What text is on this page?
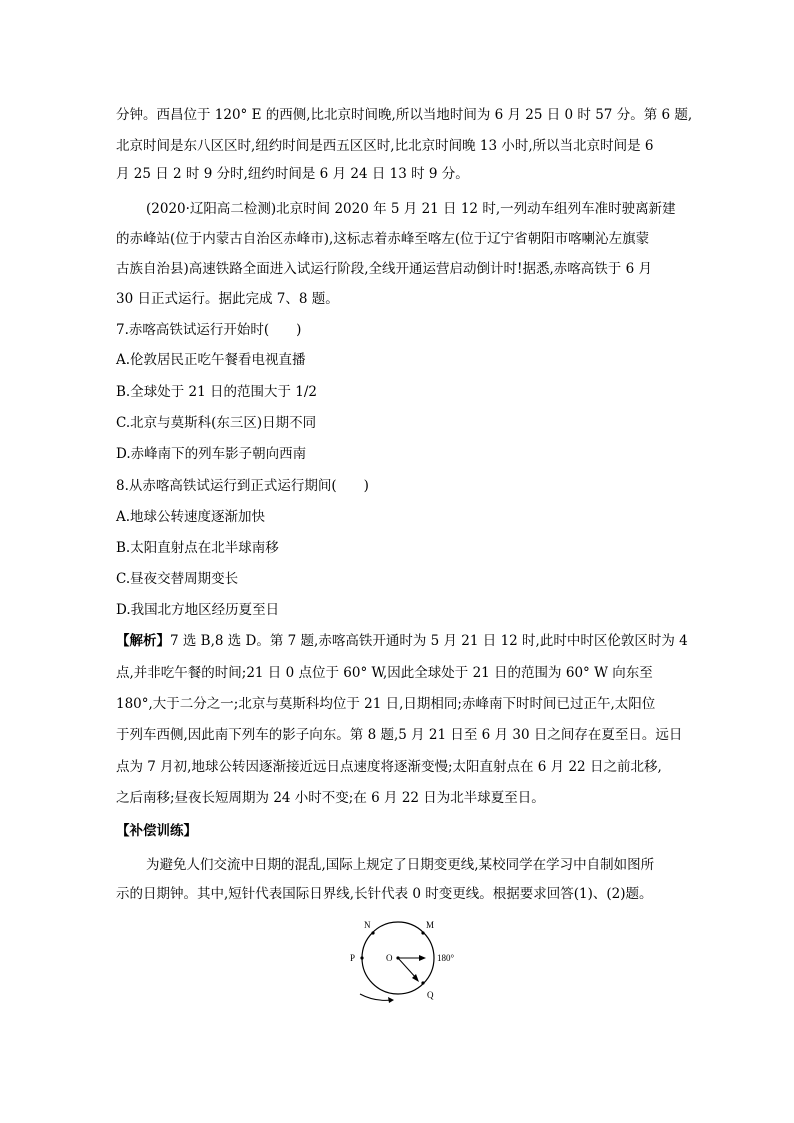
分钟。西昌位于 120° E 的西侧,比北京时间晚,所以当地时间为 6 月 25 日 0 时 57 分。第 6 题,
北京时间是东八区区时,纽约时间是西五区区时,比北京时间晚 13 小时,所以当北京时间是 6
月 25 日 2 时 9 分时,纽约时间是 6 月 24 日 13 时 9 分。
(2020·辽阳高二检测)北京时间 2020 年 5 月 21 日 12 时,一列动车组列车准时驶离新建
的赤峰站(位于内蒙古自治区赤峰市),这标志着赤峰至喀左(位于辽宁省朝阳市喀喇沁左旗蒙
古族自治县)高速铁路全面进入试运行阶段,全线开通运营启动倒计时!据悉,赤喀高铁于 6 月
30 日正式运行。据此完成 7、8 题。
7.赤喀高铁试运行开始时(　　)
A.伦敦居民正吃午餐看电视直播
B.全球处于 21 日的范围大于 1/2
C.北京与莫斯科(东三区)日期不同
D.赤峰南下的列车影子朝向西南
8.从赤喀高铁试运行到正式运行期间(　　)
A.地球公转速度逐渐加快
B.太阳直射点在北半球南移
C.昼夜交替周期变长
D.我国北方地区经历夏至日
【解析】7 选 B,8 选 D。第 7 题,赤喀高铁开通时为 5 月 21 日 12 时,此时中时区伦敦区时为 4
点,并非吃午餐的时间;21 日 0 点位于 60° W,因此全球处于 21 日的范围为 60° W 向东至
180°,大于二分之一;北京与莫斯科均位于 21 日,日期相同;赤峰南下时时间已过正午,太阳位
于列车西侧,因此南下列车的影子向东。第 8 题,5 月 21 日至 6 月 30 日之间存在夏至日。远日
点为 7 月初,地球公转因逐渐接近远日点速度将逐渐变慢;太阳直射点在 6 月 22 日之前北移,
之后南移;昼夜长短周期为 24 小时不变;在 6 月 22 日为北半球夏至日。
【补偿训练】
为避免人们交流中日期的混乱,国际上规定了日期变更线,某校同学在学习中自制如图所
示的日期钟。其中,短针代表国际日界线,长针代表 0 时变更线。根据要求回答(1)、(2)题。
N	M
P	O	180°
Q
